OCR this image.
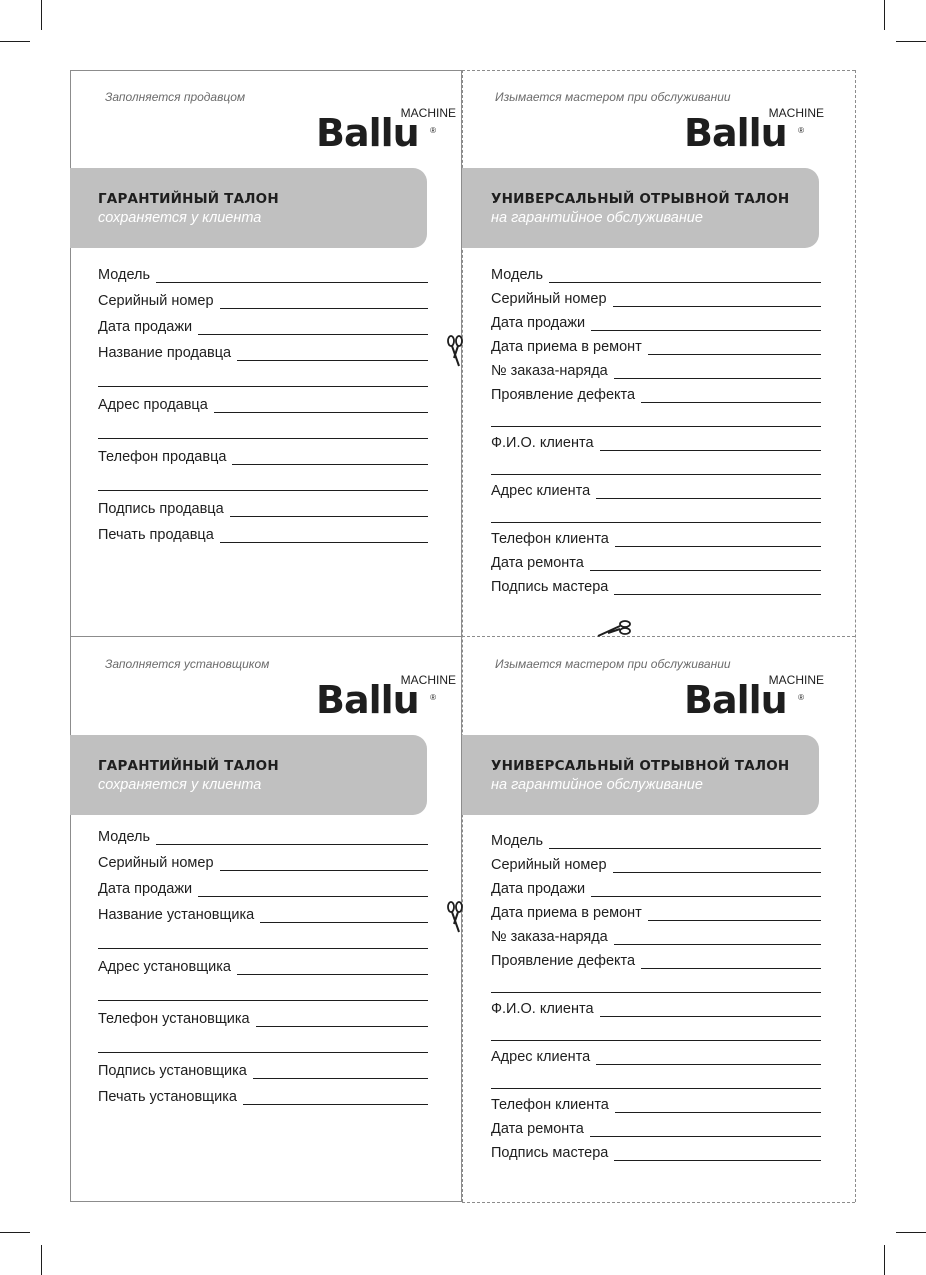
Заполняется продавцом
Ballu
MACHINE
®
ГАРАНТИЙНЫЙ ТАЛОН
сохраняется у клиента
Модель
Серийный номер
Дата продажи
Название продавца
Адрес продавца
Телефон продавца
Подпись продавца
Печать продавца
Изымается мастером при обслуживании
Ballu
MACHINE
®
УНИВЕРСАЛЬНЫЙ ОТРЫВНОЙ ТАЛОН
на гарантийное обслуживание
Модель
Серийный номер
Дата продажи
Дата приема в ремонт
№ заказа-наряда
Проявление дефекта
Ф.И.О. клиента
Адрес клиента
Телефон клиента
Дата ремонта
Подпись мастера
Заполняется установщиком
Ballu
MACHINE
®
ГАРАНТИЙНЫЙ ТАЛОН
сохраняется у клиента
Модель
Серийный номер
Дата продажи
Название установщика
Адрес установщика
Телефон установщика
Подпись установщика
Печать установщика
Изымается мастером при обслуживании
Ballu
MACHINE
®
УНИВЕРСАЛЬНЫЙ ОТРЫВНОЙ ТАЛОН
на гарантийное обслуживание
Модель
Серийный номер
Дата продажи
Дата приема в ремонт
№ заказа-наряда
Проявление дефекта
Ф.И.О. клиента
Адрес клиента
Телефон клиента
Дата ремонта
Подпись мастера
